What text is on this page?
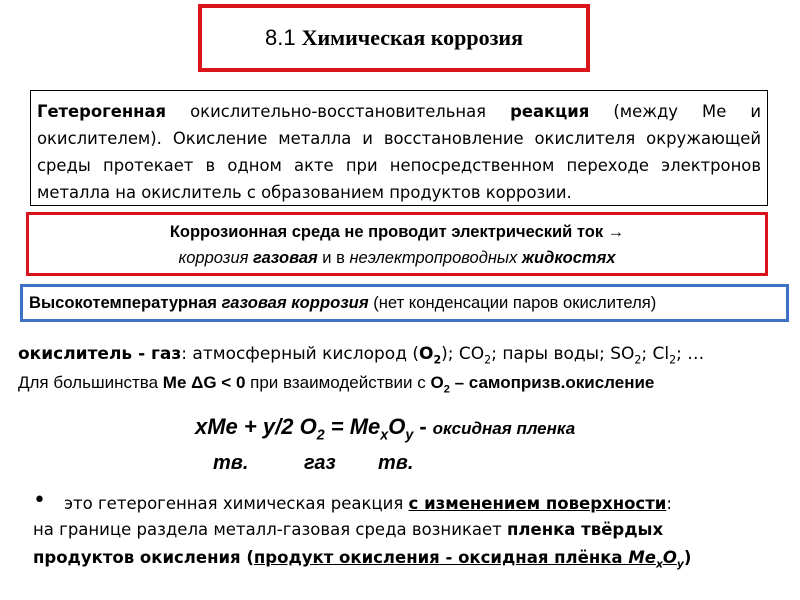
8.1 Химическая коррозия

Гетерогенная окислительно-восстановительная реакция (между Ме и окислителем). Окисление металла и восстановление окислителя окружающей среды протекает в одном акте при непосредственном переходе электронов металла на окислитель с образованием продуктов коррозии.

Коррозионная среда не проводит электрический ток →
коррозия газовая и в неэлектропроводных жидкостях
Высокотемпературная газовая коррозия (нет конденсации паров окислителя)
окислитель - газ: атмосферный кислород $(O_2)$; $CO_2$; пары воды; $SO_2$; $Cl_2$; …
Для большинства Ме ΔG < 0 при взаимодействии с $O_2$ – самопризв.окисление
xMe + y/2 $O_2 = Me_xO_y$ - оксидная пленка
тв.	газ тв.
• это гетерогенная химическая реакция с изменением поверхности:
на границе раздела металл-газовая среда возникает пленка твёрдых
продуктов окисления (продукт окисления - оксидная плёнка $Me_xO_y$)
